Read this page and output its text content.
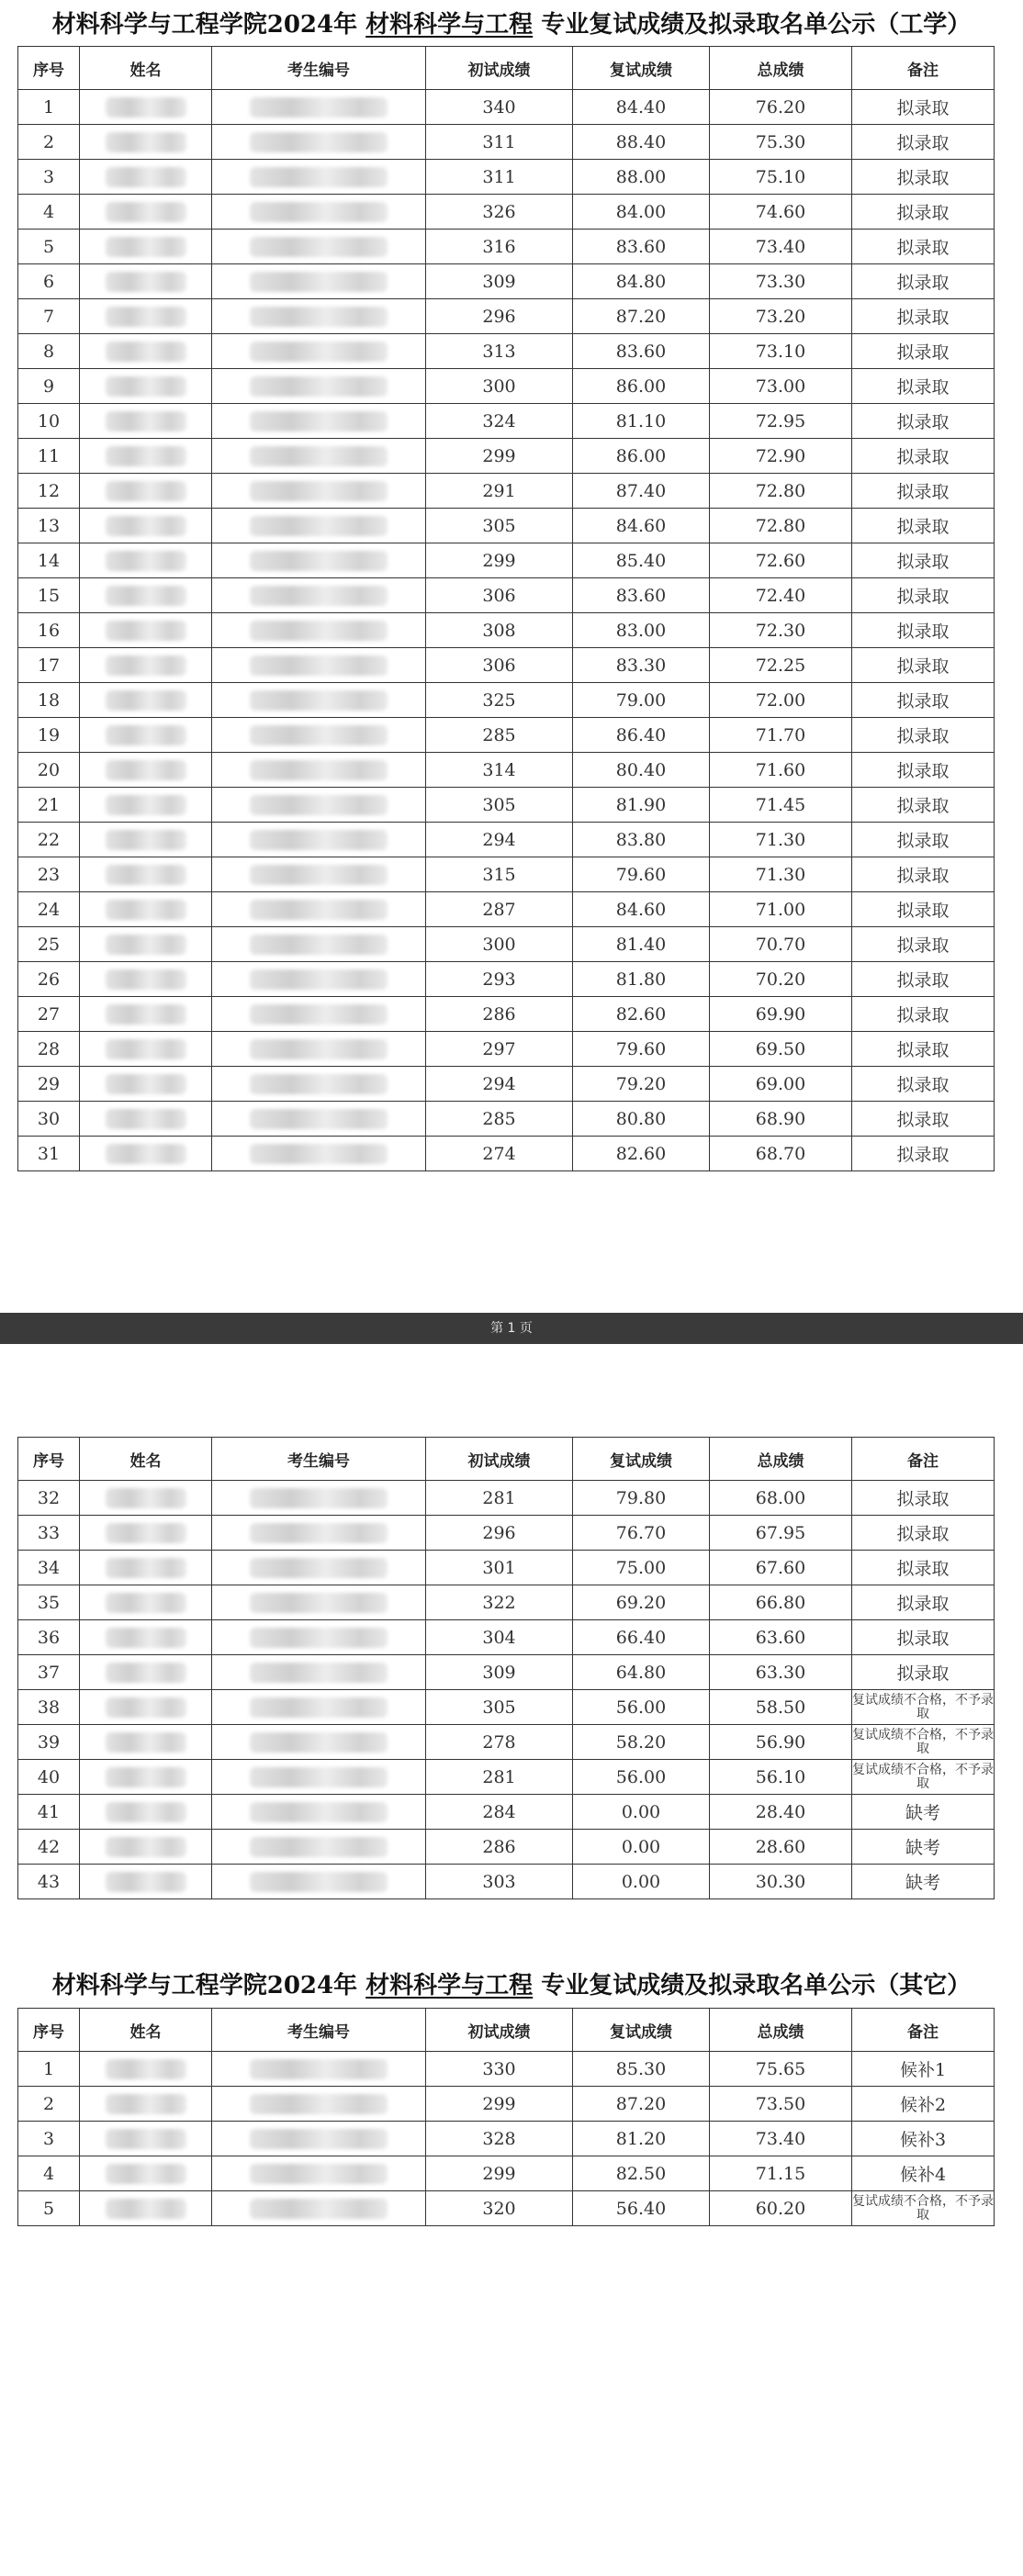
材料科学与工程学院2024年 材料科学与工程 专业复试成绩及拟录取名单公示（工学）
序号	姓名	考生编号	初试成绩	复试成绩	总成绩	备注
1			340	84.40	76.20	拟录取
2			311	88.40	75.30	拟录取
3			311	88.00	75.10	拟录取
4			326	84.00	74.60	拟录取
5			316	83.60	73.40	拟录取
6			309	84.80	73.30	拟录取
7			296	87.20	73.20	拟录取
8			313	83.60	73.10	拟录取
9			300	86.00	73.00	拟录取
10			324	81.10	72.95	拟录取
11			299	86.00	72.90	拟录取
12			291	87.40	72.80	拟录取
13			305	84.60	72.80	拟录取
14			299	85.40	72.60	拟录取
15			306	83.60	72.40	拟录取
16			308	83.00	72.30	拟录取
17			306	83.30	72.25	拟录取
18			325	79.00	72.00	拟录取
19			285	86.40	71.70	拟录取
20			314	80.40	71.60	拟录取
21			305	81.90	71.45	拟录取
22			294	83.80	71.30	拟录取
23			315	79.60	71.30	拟录取
24			287	84.60	71.00	拟录取
25			300	81.40	70.70	拟录取
26			293	81.80	70.20	拟录取
27			286	82.60	69.90	拟录取
28			297	79.60	69.50	拟录取
29			294	79.20	69.00	拟录取
30			285	80.80	68.90	拟录取
31			274	82.60	68.70	拟录取
第 1 页
序号	姓名	考生编号	初试成绩	复试成绩	总成绩	备注
32			281	79.80	68.00	拟录取
33			296	76.70	67.95	拟录取
34			301	75.00	67.60	拟录取
35			322	69.20	66.80	拟录取
36			304	66.40	63.60	拟录取
37			309	64.80	63.30	拟录取
38			305	56.00	58.50	复试成绩不合格，不予录取
39			278	58.20	56.90	复试成绩不合格，不予录取
40			281	56.00	56.10	复试成绩不合格，不予录取
41			284	0.00	28.40	缺考
42			286	0.00	28.60	缺考
43			303	0.00	30.30	缺考
材料科学与工程学院2024年 材料科学与工程 专业复试成绩及拟录取名单公示（其它）
序号	姓名	考生编号	初试成绩	复试成绩	总成绩	备注
1			330	85.30	75.65	候补1
2			299	87.20	73.50	候补2
3			328	81.20	73.40	候补3
4			299	82.50	71.15	候补4
5			320	56.40	60.20	复试成绩不合格，不予录取
